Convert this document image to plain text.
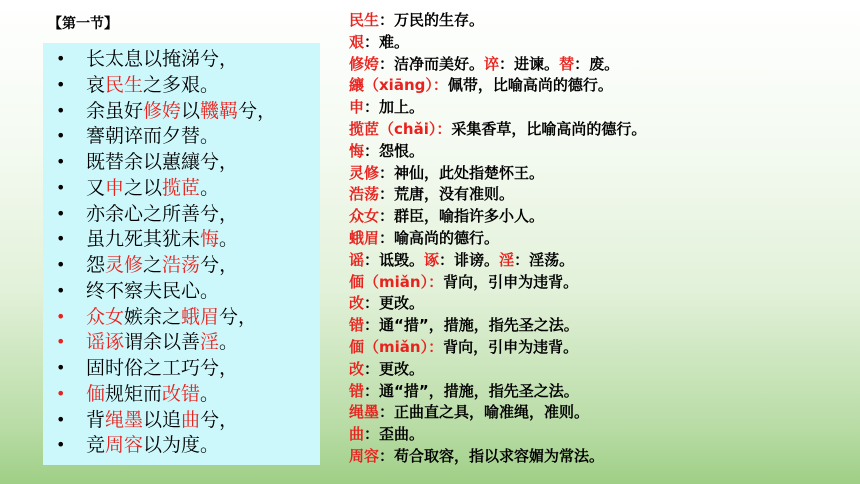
【第一节】
• 长太息以掩涕兮，
• 哀民生之多艰。
• 余虽好修姱以鞿羁兮，
• 謇朝谇而夕替。
• 既替余以蕙纕兮，
• 又申之以揽茝。
• 亦余心之所善兮，
• 虽九死其犹未悔。
• 怨灵修之浩荡兮，
• 终不察夫民心。
• 众女嫉余之蛾眉兮，
• 谣诼谓余以善淫。
• 固时俗之工巧兮，
• 偭规矩而改错。
• 背绳墨以追曲兮，
• 竞周容以为度。
民生：万民的生存。
艰：难。
修姱：洁净而美好。谇：进谏。替：废。
纕（xiāng）：佩带，比喻高尚的德行。
申：加上。
揽茝（chǎi）：采集香草，比喻高尚的德行。
悔：怨恨。
灵修：神仙，此处指楚怀王。
浩荡：荒唐，没有准则。
众女：群臣，喻指许多小人。
蛾眉：喻高尚的德行。
谣：诋毁。诼：诽谤。淫：淫荡。
偭（miǎn）：背向，引申为违背。
改：更改。
错：通“措”，措施，指先圣之法。
偭（miǎn）：背向，引申为违背。
改：更改。
错：通“措”，措施，指先圣之法。
绳墨：正曲直之具，喻准绳，准则。
曲：歪曲。
周容：苟合取容，指以求容媚为常法。
